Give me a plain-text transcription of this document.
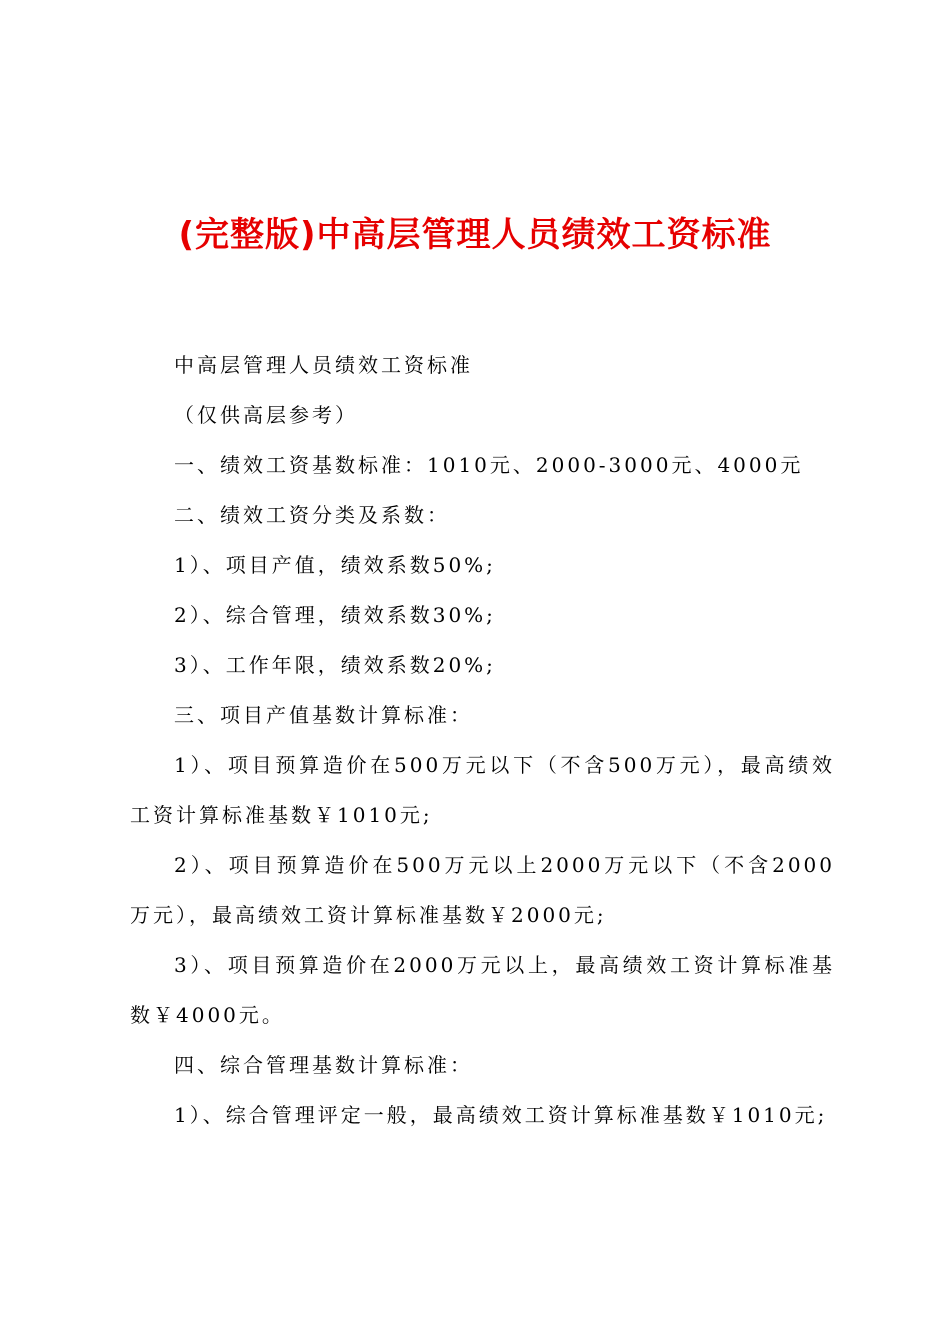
(完整版)中高层管理人员绩效工资标准

中高层管理人员绩效工资标准

（仅供高层参考）

一、绩效工资基数标准：1010元、2000-3000元、4000元

二、绩效工资分类及系数：

1）、项目产值，绩效系数50%;

2）、综合管理，绩效系数30%;

3）、工作年限，绩效系数20%;

三、项目产值基数计算标准：

1）、项目预算造价在500万元以下（不含500万元），最高绩效工资计算标准基数￥1010元;

2）、项目预算造价在500万元以上2000万元以下（不含2000万元），最高绩效工资计算标准基数￥2000元;

3）、项目预算造价在2000万元以上，最高绩效工资计算标准基数￥4000元。

四、综合管理基数计算标准：

1）、综合管理评定一般，最高绩效工资计算标准基数￥1010元;
